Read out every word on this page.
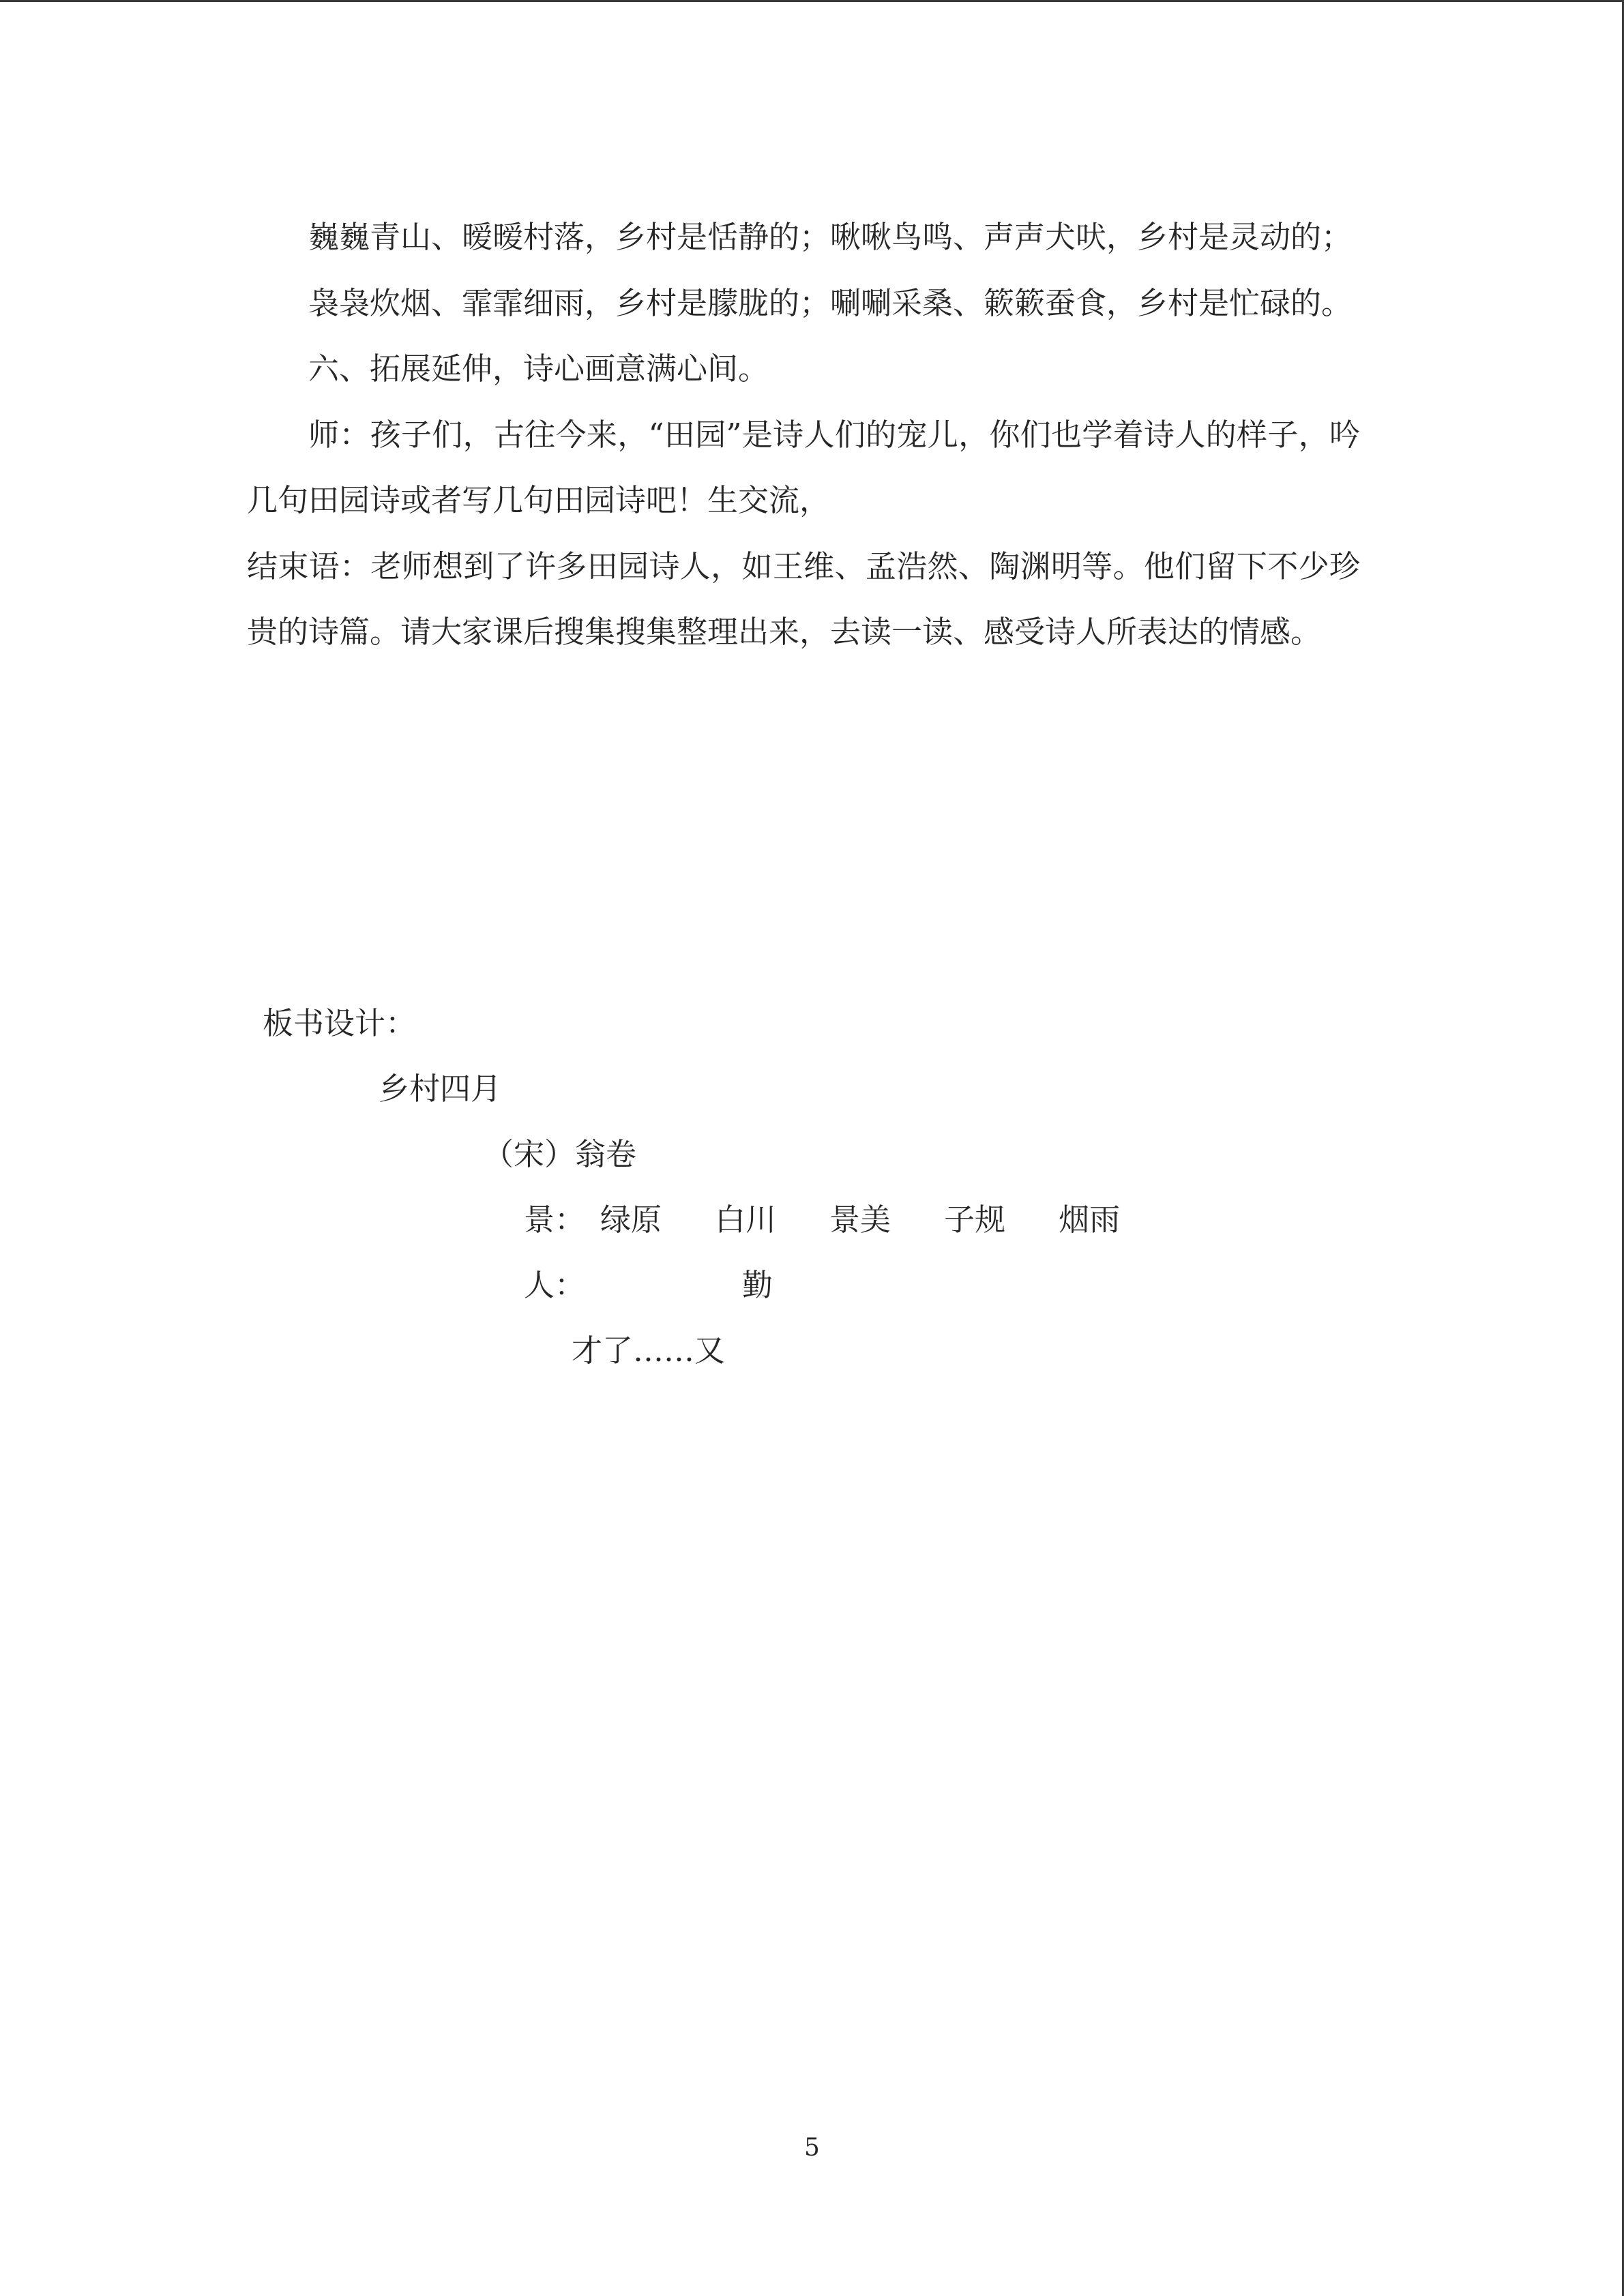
巍巍青山、暧暧村落，乡村是恬静的；啾啾鸟鸣、声声犬吠，乡村是灵动的；

袅袅炊烟、霏霏细雨，乡村是朦胧的；唰唰采桑、簌簌蚕食，乡村是忙碌的。

六、拓展延伸，诗心画意满心间。

师：孩子们，古往今来，“田园”是诗人们的宠儿，你们也学着诗人的样子，吟几句田园诗或者写几句田园诗吧！生交流，

结束语：老师想到了许多田园诗人，如王维、孟浩然、陶渊明等。他们留下不少珍贵的诗篇。请大家课后搜集搜集整理出来，去读一读、感受诗人所表达的情感。

板书设计：
乡村四月
（宋）翁卷
景： 绿原 白川 景美 子规 烟雨
人：	勤
才了……又
5
